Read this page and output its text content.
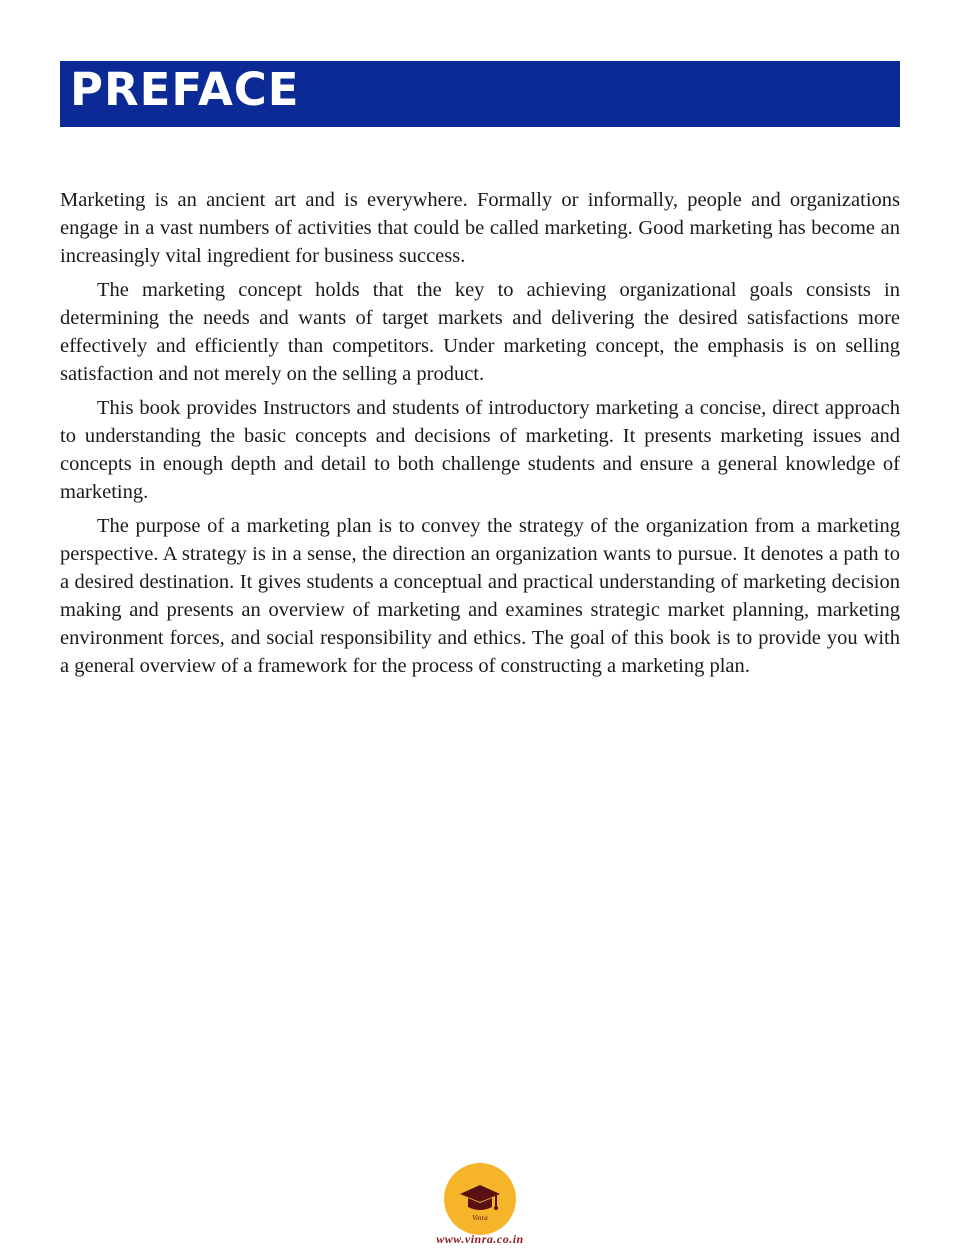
PREFACE

Marketing is an ancient art and is everywhere. Formally or informally, people and organizations engage in a vast numbers of activities that could be called marketing. Good marketing has become an increasingly vital ingredient for business success.

The marketing concept holds that the key to achieving organizational goals consists in determining the needs and wants of target markets and delivering the desired satisfactions more effectively and efficiently than competitors. Under marketing concept, the emphasis is on selling satisfaction and not merely on the selling a product.

This book provides Instructors and students of introductory marketing a concise, direct approach to understanding the basic concepts and decisions of marketing. It presents marketing issues and concepts in enough depth and detail to both challenge students and ensure a general knowledge of marketing.

The purpose of a marketing plan is to convey the strategy of the organization from a marketing perspective. A strategy is in a sense, the direction an organization wants to pursue. It denotes a path to a desired destination. It gives students a conceptual and practical understanding of marketing decision making and presents an overview of marketing and examines strategic market planning, marketing environment forces, and social responsibility and ethics. The goal of this book is to provide you with a general overview of a framework for the process of constructing a marketing plan.

Vinra
www.vinra.co.in
